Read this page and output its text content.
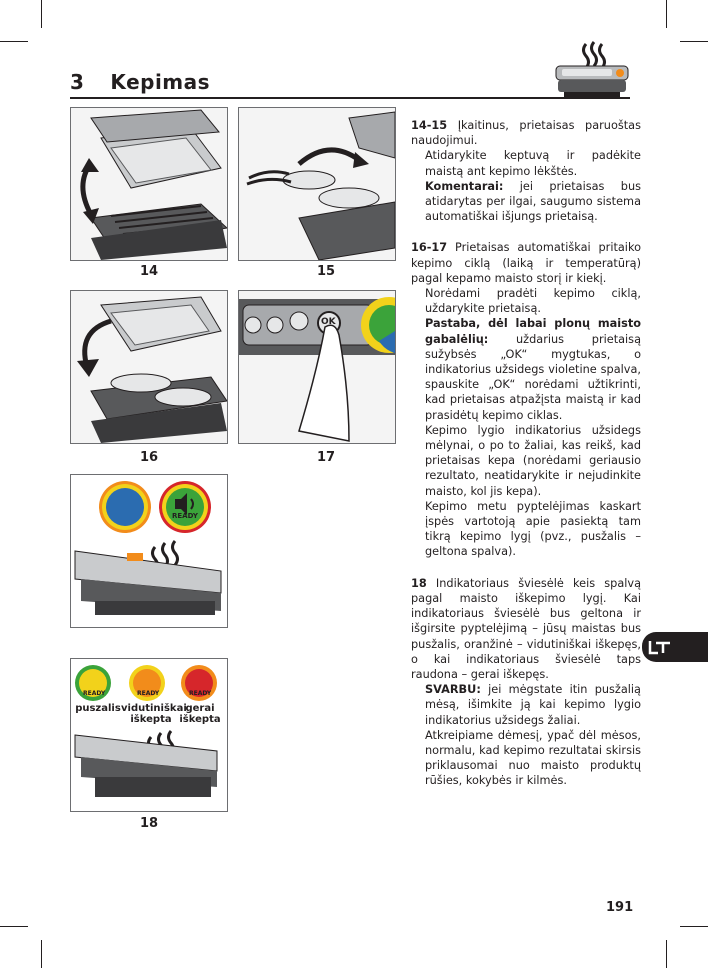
3 Kepimas
14	15
16
OK
17
READY
READY	READY	READY
puszalis vidutiniškai
iškepta
gerai
iškepta
18

14-15 Įkaitinus, prietaisas paruoštas naudojimui.

Atidarykite keptuvą ir padėkite maistą ant kepimo lėkštės.

Komentarai: jei prietaisas bus atidarytas per ilgai, saugumo sistema automatiškai išjungs prietaisą.

16-17 Prietaisas automatiškai pritaiko kepimo ciklą (laiką ir temperatūrą) pagal kepamo maisto storį ir kiekį.

Norėdami pradėti kepimo ciklą, uždarykite prietaisą.

Pastaba, dėl labai plonų maisto gabalėlių: uždarius prietaisą sužybsės „OK“ mygtukas, o indikatorius užsidegs violetine spalva, spauskite „OK“ norėdami užtikrinti, kad prietaisas atpažįsta maistą ir kad prasidėtų kepimo ciklas.

Kepimo lygio indikatorius užsidegs mėlynai, o po to žaliai, kas reikš, kad prietaisas kepa (norėdami geriausio rezultato, neatidarykite ir nejudinkite maisto, kol jis kepa).

Kepimo metu pyptelėjimas kaskart įspės vartotoją apie pasiektą tam tikrą kepimo lygį (pvz., pusžalis – geltona spalva).

18 Indikatoriaus šviesėlė keis spalvą pagal maisto iškepimo lygį. Kai indikatoriaus šviesėlė bus geltona ir išgirsite pyptelėjimą – jūsų maistas bus pusžalis, oranžinė – vidutiniškai iškepęs, o kai indikatoriaus šviesėlė taps raudona – gerai iškepęs.

SVARBU: jei mėgstate itin pusžalią mėsą, išimkite ją kai kepimo lygio indikatorius užsidegs žaliai.

Atkreipiame dėmesį, ypač dėl mėsos, normalu, kad kepimo rezultatai skirsis priklausomai nuo maisto produktų rūšies, kokybės ir kilmės.

191
